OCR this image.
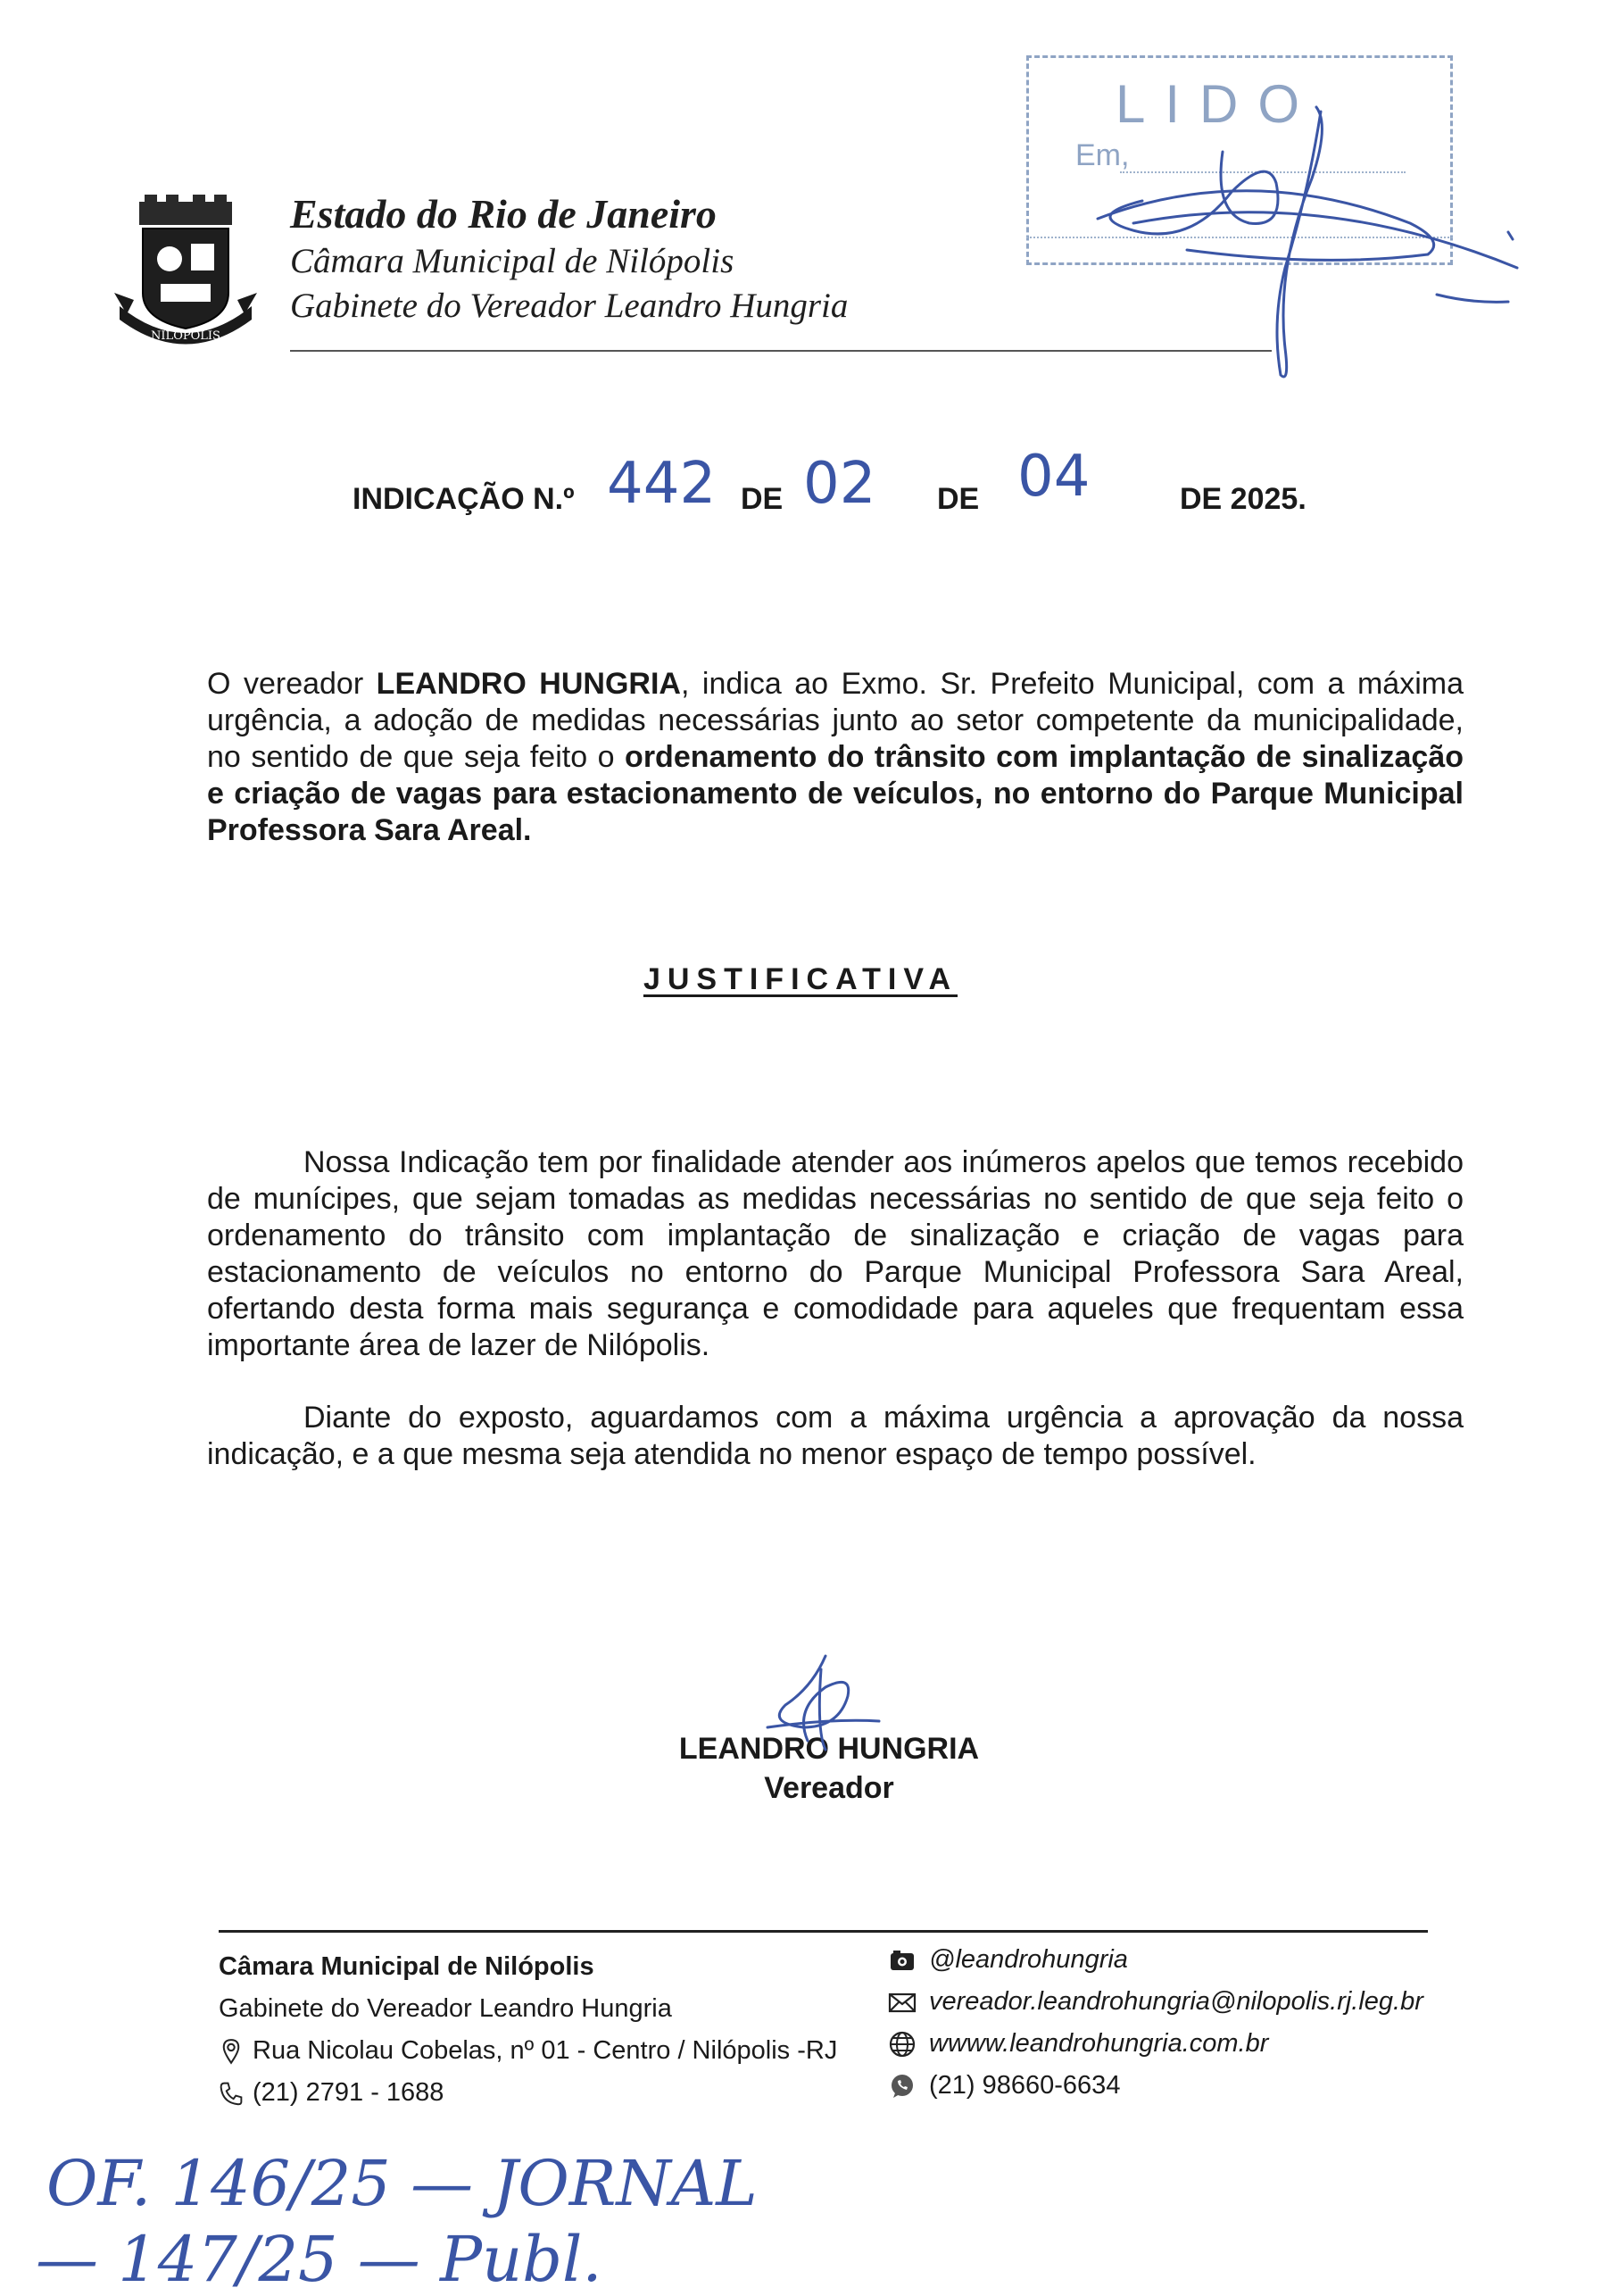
NILÓPOLIS
Estado do Rio de Janeiro
Câmara Municipal de Nilópolis
Gabinete do Vereador Leandro Hungria
LIDO
Em,
INDICAÇÃO N.º 442 DE 02 DE 04	DE 2025.
O vereador LEANDRO HUNGRIA, indica ao Exmo. Sr. Prefeito Municipal, com a máxima urgência, a adoção de medidas necessárias junto ao setor competente da municipalidade, no sentido de que seja feito o ordenamento do trânsito com implantação de sinalização e criação de vagas para estacionamento de veículos, no entorno do Parque Municipal Professora Sara Areal.
JUSTIFICATIVA
Nossa Indicação tem por finalidade atender aos inúmeros apelos que temos recebido de munícipes, que sejam tomadas as medidas necessárias no sentido de que seja feito o ordenamento do trânsito com implantação de sinalização e criação de vagas para estacionamento de veículos no entorno do Parque Municipal Professora Sara Areal, ofertando desta forma mais segurança e comodidade para aqueles que frequentam essa importante área de lazer de Nilópolis.
Diante do exposto, aguardamos com a máxima urgência a aprovação da nossa indicação, e a que mesma seja atendida no menor espaço de tempo possível.
LEANDRO HUNGRIA
Vereador
Câmara Municipal de Nilópolis
Gabinete do Vereador Leandro Hungria
Rua Nicolau Cobelas, nº 01 - Centro / Nilópolis -RJ
(21) 2791 - 1688
@leandrohungria
vereador.leandrohungria@nilopolis.rj.leg.br
wwww.leandrohungria.com.br
(21) 98660-6634
OF. 146/25 — JORNAL
— 147/25 — Publ.
